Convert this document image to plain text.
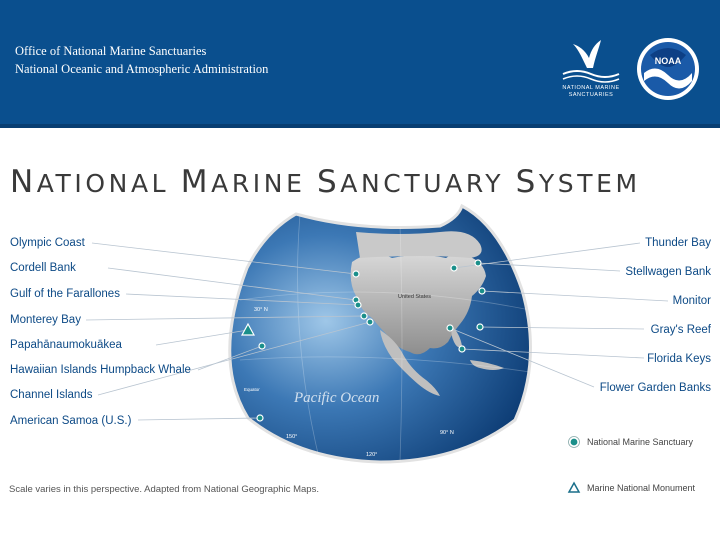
Office of National Marine Sanctuaries
National Oceanic and Atmospheric Administration
NATIONAL MARINE
SANCTUARIES
NOAA
NATIONAL MARINE SANCTUARY SYSTEM
Pacific Ocean
United States
30° N
150°
120°
90° N
Equator
Olympic Coast
Cordell Bank
Gulf of the Farallones
Monterey Bay
Papahānaumokuākea
Hawaiian Islands Humpback Whale
Channel Islands
American Samoa (U.S.)
Thunder Bay
Stellwagen Bank
Monitor
Gray's Reef
Florida Keys
Flower Garden Banks
Scale varies in this perspective. Adapted from National Geographic Maps.
National Marine Sanctuary
Marine National Monument
